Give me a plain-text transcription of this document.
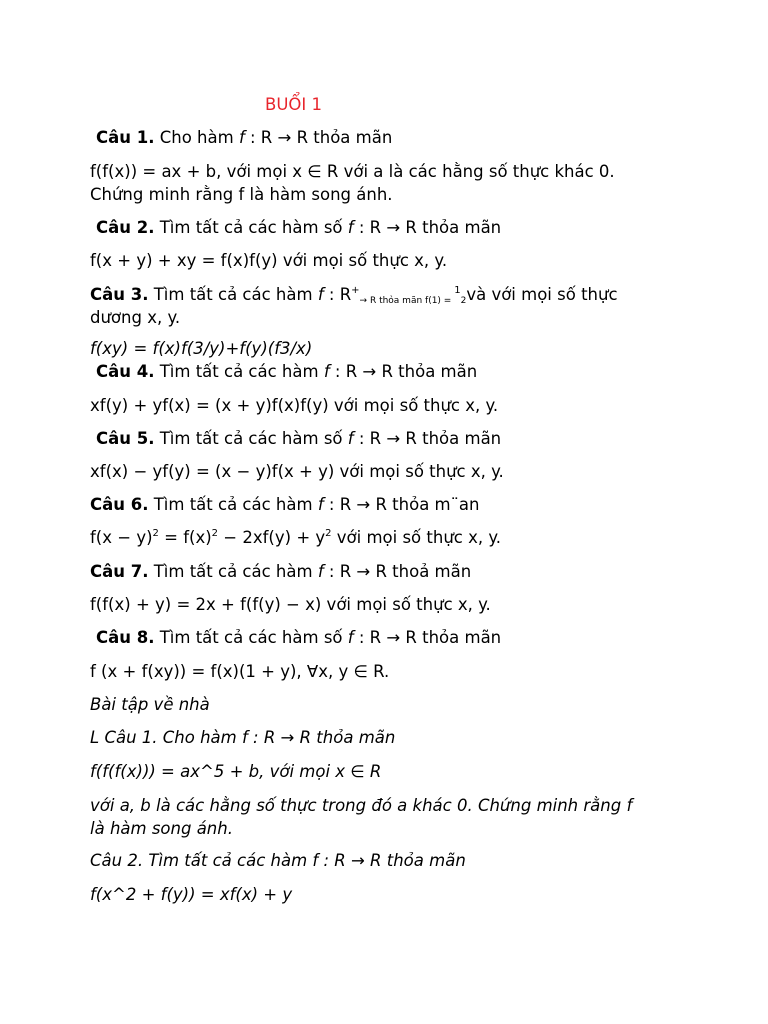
BUỔI 1
Câu 1. Cho hàm f : R → R thỏa mãn
f(f(x)) = ax + b, với mọi x ∈ R với a là các hằng số thực khác 0.
Chứng minh rằng f là hàm song ánh.
Câu 2. Tìm tất cả các hàm số f : R → R thỏa mãn
f(x + y) + xy = f(x)f(y) với mọi số thực x, y.
Câu 3. Tìm tất cả các hàm f : R+→ R thỏa mãn f(1) = $^1$2và với mọi số thực
dương x, y.
f(xy) = f(x)f(3/y)+f(y)(f3/x)
Câu 4. Tìm tất cả các hàm f : R → R thỏa mãn
xf(y) + yf(x) = (x + y)f(x)f(y) với mọi số thực x, y.
Câu 5. Tìm tất cả các hàm số f : R → R thỏa mãn
xf(x) − yf(y) = (x − y)f(x + y) với mọi số thực x, y.
Câu 6. Tìm tất cả các hàm f : R → R thỏa m¨an
$f(x - y)^2 = f(x)^2 - 2xf(y) + y^2$ với mọi số thực x, y.
Câu 7. Tìm tất cả các hàm f : R → R thoả mãn
f(f(x) + y) = 2x + f(f(y) − x) với mọi số thực x, y.
Câu 8. Tìm tất cả các hàm số f : R → R thỏa mãn
f (x + f(xy)) = f(x)(1 + y), ∀x, y ∈ R.
Bài tập về nhà
L Câu 1. Cho hàm f : R → R thỏa mãn
f(f(f(x))) = ax^5 + b, với mọi x ∈ R
với a, b là các hằng số thực trong đó a khác 0. Chứng minh rằng f
là hàm song ánh.
Câu 2. Tìm tất cả các hàm f : R → R thỏa mãn
f(x^2 + f(y)) = xf(x) + y
